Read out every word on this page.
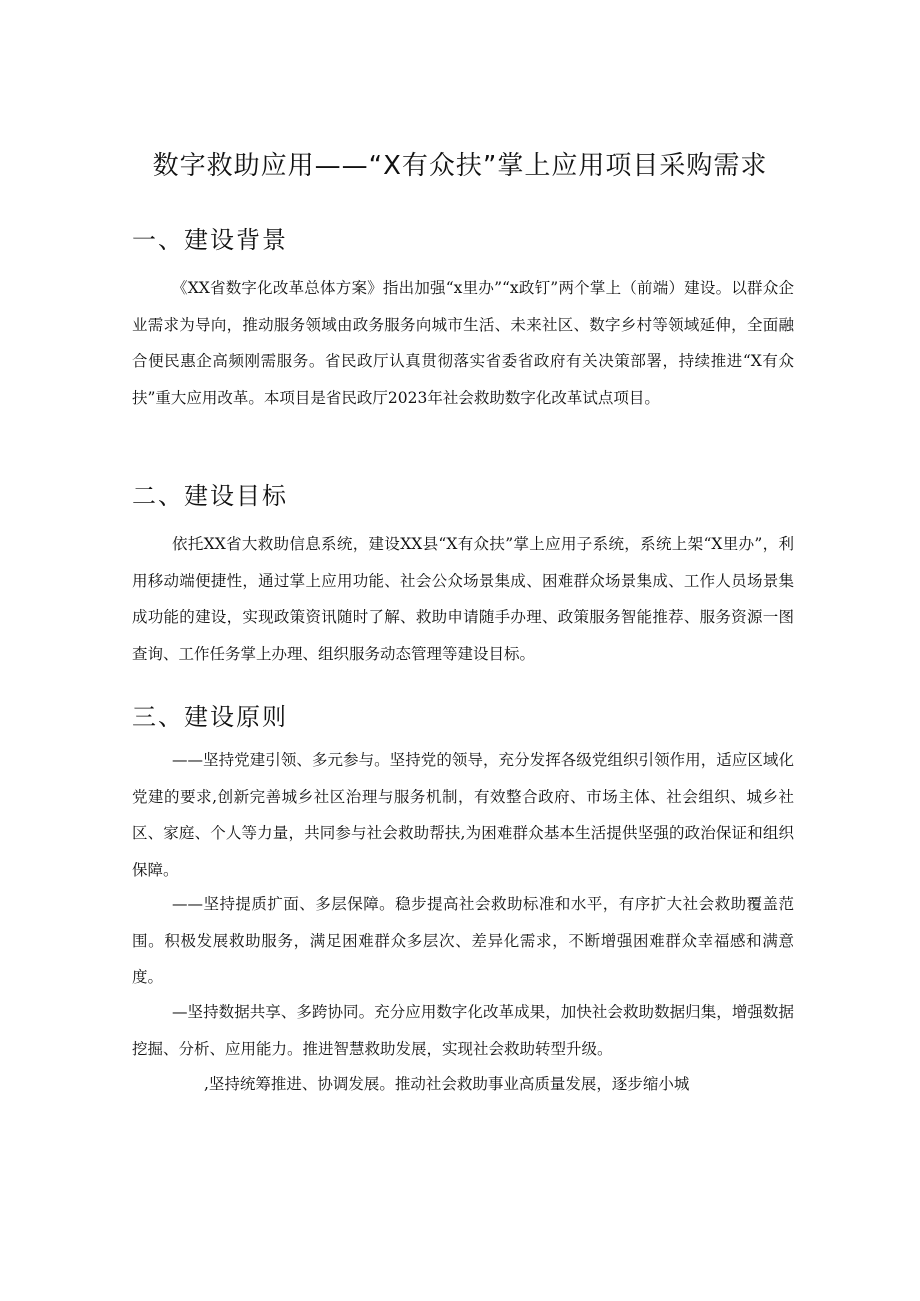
数字救助应用——“X有众扶”掌上应用项目采购需求
一、建设背景

《XX省数字化改革总体方案》指出加强“x里办”“x政钉”两个掌上（前端）建设。以群众企业需求为导向，推动服务领域由政务服务向城市生活、未来社区、数字乡村等领域延伸，全面融合便民惠企高频刚需服务。省民政厅认真贯彻落实省委省政府有关决策部署，持续推进“X有众扶”重大应用改革。本项目是省民政厅2023年社会救助数字化改革试点项目。

二、建设目标

依托XX省大救助信息系统，建设XX县“X有众扶”掌上应用子系统，系统上架“X里办”，利用移动端便捷性，通过掌上应用功能、社会公众场景集成、困难群众场景集成、工作人员场景集成功能的建设，实现政策资讯随时了解、救助申请随手办理、政策服务智能推荐、服务资源一图查询、工作任务掌上办理、组织服务动态管理等建设目标。

三、建设原则

——坚持党建引领、多元参与。坚持党的领导，充分发挥各级党组织引领作用，适应区域化党建的要求,创新完善城乡社区治理与服务机制，有效整合政府、市场主体、社会组织、城乡社区、家庭、个人等力量，共同参与社会救助帮扶,为困难群众基本生活提供坚强的政治保证和组织保障。

——坚持提质扩面、多层保障。稳步提高社会救助标准和水平，有序扩大社会救助覆盖范围。积极发展救助服务，满足困难群众多层次、差异化需求，不断增强困难群众幸福感和满意度。

—坚持数据共享、多跨协同。充分应用数字化改革成果，加快社会救助数据归集，增强数据挖掘、分析、应用能力。推进智慧救助发展，实现社会救助转型升级。

,坚持统筹推进、协调发展。推动社会救助事业高质量发展，逐步缩小城
